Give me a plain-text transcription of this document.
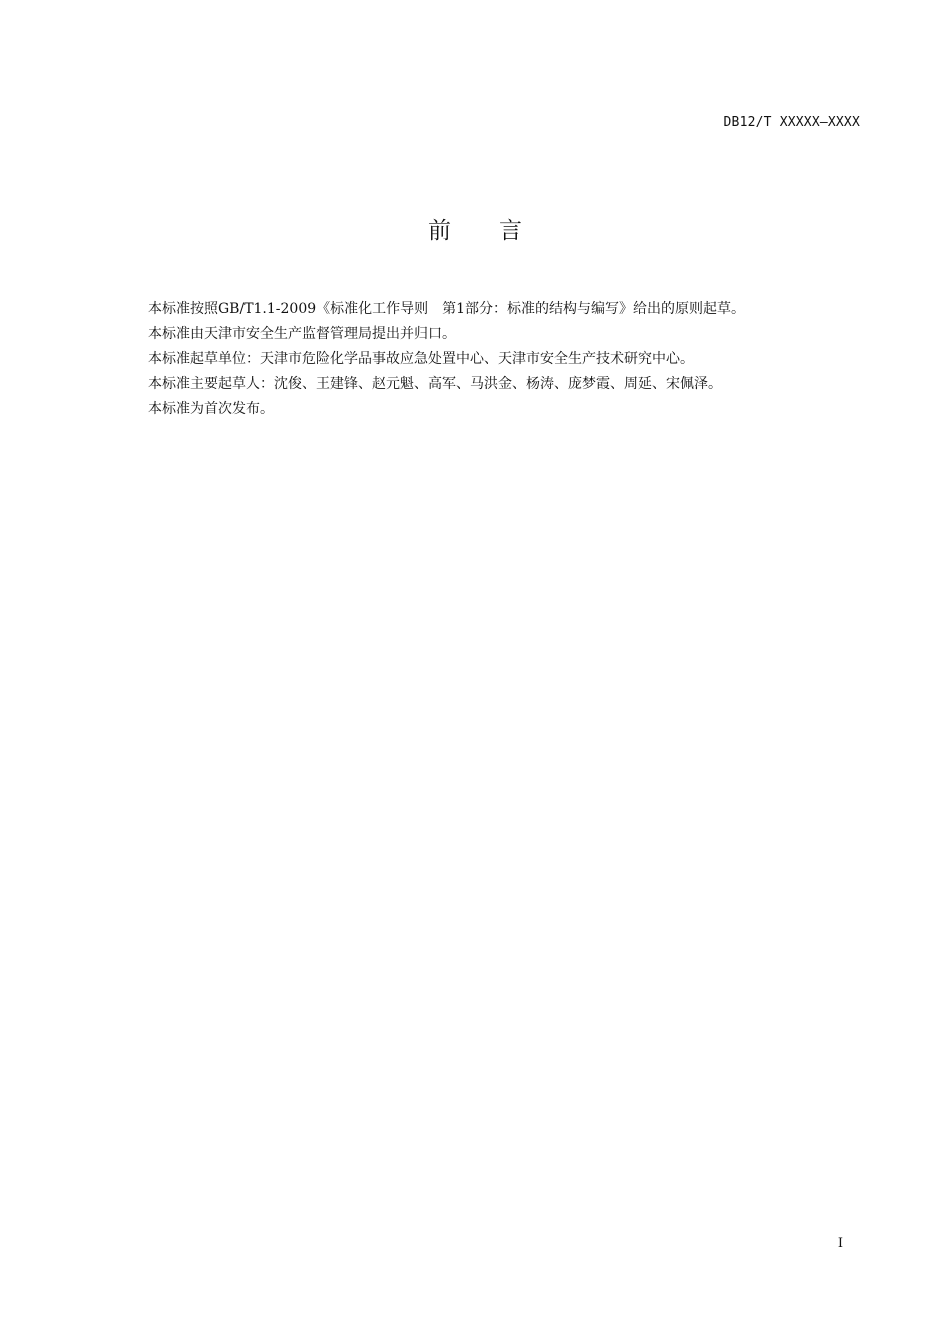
DB12/T XXXXX—XXXX
前 言

本标准按照GB/T1.1-2009《标准化工作导则　第1部分：标准的结构与编写》给出的原则起草。

本标准由天津市安全生产监督管理局提出并归口。

本标准起草单位：天津市危险化学品事故应急处置中心、天津市安全生产技术研究中心。

本标准主要起草人：沈俊、王建锋、赵元魁、高军、马洪金、杨涛、庞梦霞、周延、宋佩泽。

本标准为首次发布。

I
